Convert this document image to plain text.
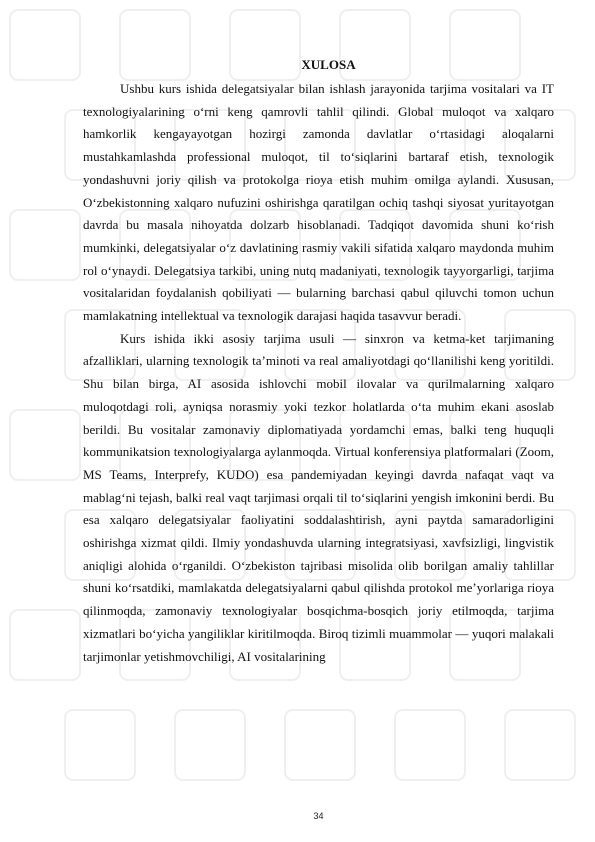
XULOSA

Ushbu kurs ishida delegatsiyalar bilan ishlash jarayonida tarjima vositalari va IT texnologiyalarining o‘rni keng qamrovli tahlil qilindi. Global muloqot va xalqaro hamkorlik kengayayotgan hozirgi zamonda davlatlar o‘rtasidagi aloqalarni mustahkamlashda professional muloqot, til to‘siqlarini bartaraf etish, texnologik yondashuvni joriy qilish va protokolga rioya etish muhim omilga aylandi. Xususan, O‘zbekistonning xalqaro nufuzini oshirishga qaratilgan ochiq tashqi siyosat yuritayotgan davrda bu masala nihoyatda dolzarb hisoblanadi. Tadqiqot davomida shuni ko‘rish mumkinki, delegatsiyalar o‘z davlatining rasmiy vakili sifatida xalqaro maydonda muhim rol o‘ynaydi. Delegatsiya tarkibi, uning nutq madaniyati, texnologik tayyorgarligi, tarjima vositalaridan foydalanish qobiliyati — bularning barchasi qabul qiluvchi tomon uchun mamlakatning intellektual va texnologik darajasi haqida tasavvur beradi.

Kurs ishida ikki asosiy tarjima usuli — sinxron va ketma-ket tarjimaning afzalliklari, ularning texnologik ta’minoti va real amaliyotdagi qo‘llanilishi keng yoritildi. Shu bilan birga, AI asosida ishlovchi mobil ilovalar va qurilmalarning xalqaro muloqotdagi roli, ayniqsa norasmiy yoki tezkor holatlarda o‘ta muhim ekani asoslab berildi. Bu vositalar zamonaviy diplomatiyada yordamchi emas, balki teng huquqli kommunikatsion texnologiyalarga aylanmoqda. Virtual konferensiya platformalari (Zoom, MS Teams, Interprefy, KUDO) esa pandemiyadan keyingi davrda nafaqat vaqt va mablag‘ni tejash, balki real vaqt tarjimasi orqali til to‘siqlarini yengish imkonini berdi. Bu esa xalqaro delegatsiyalar faoliyatini soddalashtirish, ayni paytda samaradorligini oshirishga xizmat qildi. Ilmiy yondashuvda ularning integratsiyasi, xavfsizligi, lingvistik aniqligi alohida o‘rganildi. O‘zbekiston tajribasi misolida olib borilgan amaliy tahlillar shuni ko‘rsatdiki, mamlakatda delegatsiyalarni qabul qilishda protokol me’yorlariga rioya qilinmoqda, zamonaviy texnologiyalar bosqichma-bosqich joriy etilmoqda, tarjima xizmatlari bo‘yicha yangiliklar kiritilmoqda. Biroq tizimli muammolar — yuqori malakali tarjimonlar yetishmovchiligi, AI vositalarining

34
